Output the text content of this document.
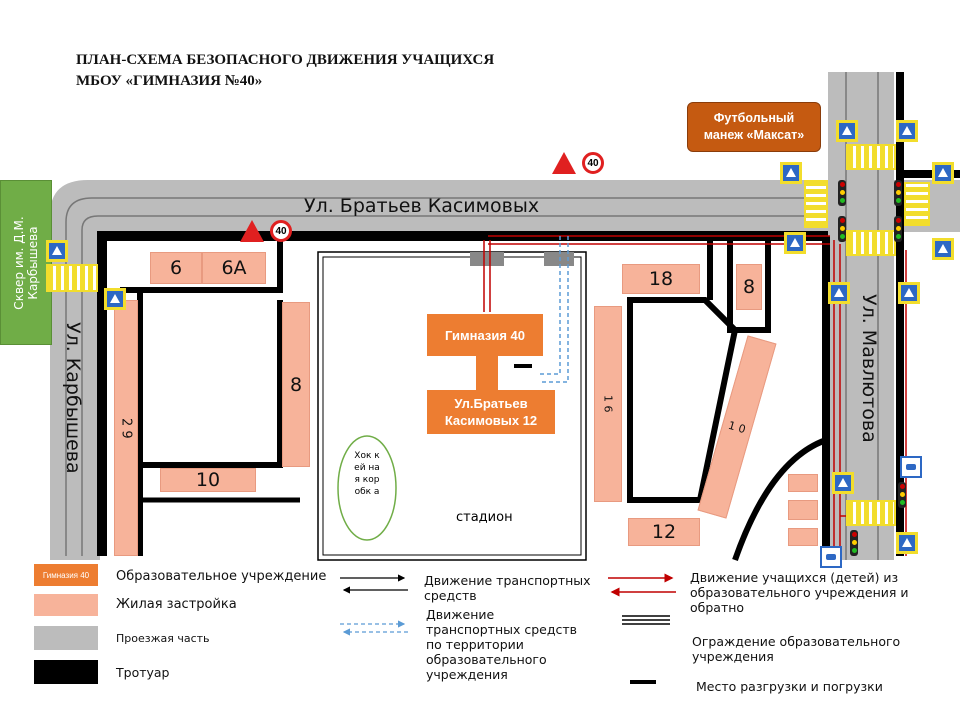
ПЛАН-СХЕМА БЕЗОПАСНОГО ДВИЖЕНИЯ УЧАЩИХСЯ
МБОУ «ГИМНАЗИЯ №40»
Сквер им. Д.М. Карбышева
Ул. Братьев Касимовых
Ул. Карбышева	Ул. Мавлютова
Футбольный манеж «Максат»
Гимназия 40
Ул.Братьев
Касимовых 12
Хок кей ная кор обк а
стадион
6	6А
2 9
8
10
18	8
1 6
1 0
12
40
40
Гимназия 40 Образовательное учреждение
Жилая застройка
Проезжая часть
Тротуар
Движение транспортных средств
Движение транспортных средств по территории образовательного учреждения
Движение учащихся (детей) из образовательного учреждения и обратно
Ограждение образовательного учреждения
Место разгрузки и погрузки
